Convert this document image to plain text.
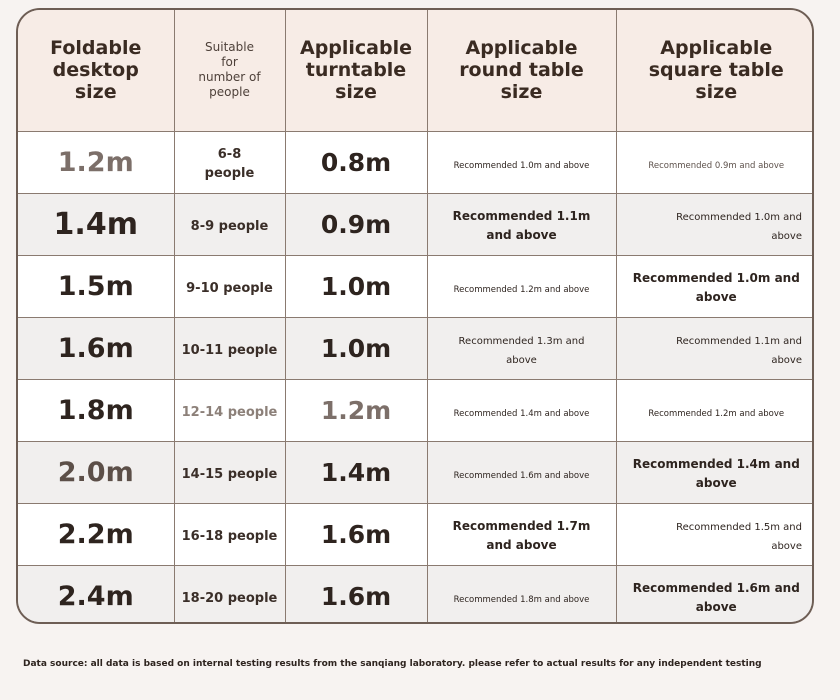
Foldable desktop size	Suitable for number of people	Applicable turntable size	Applicable round table size	Applicable square table size
1.2m	6-8 people	0.8m	Recommended 1.0m and above	Recommended 0.9m and above
1.4m	8-9 people	0.9m	Recommended 1.1m and above	Recommended 1.0m and above
1.5m	9-10 people	1.0m	Recommended 1.2m and above	Recommended 1.0m and above
1.6m	10-11 people	1.0m	Recommended 1.3m and above	Recommended 1.1m and above
1.8m	12-14 people	1.2m	Recommended 1.4m and above	Recommended 1.2m and above
2.0m	14-15 people	1.4m	Recommended 1.6m and above	Recommended 1.4m and above
2.2m	16-18 people	1.6m	Recommended 1.7m and above	Recommended 1.5m and above
2.4m	18-20 people	1.6m	Recommended 1.8m and above	Recommended 1.6m and above
Data source: all data is based on internal testing results from the sanqiang laboratory. please refer to actual results for any independent testing
